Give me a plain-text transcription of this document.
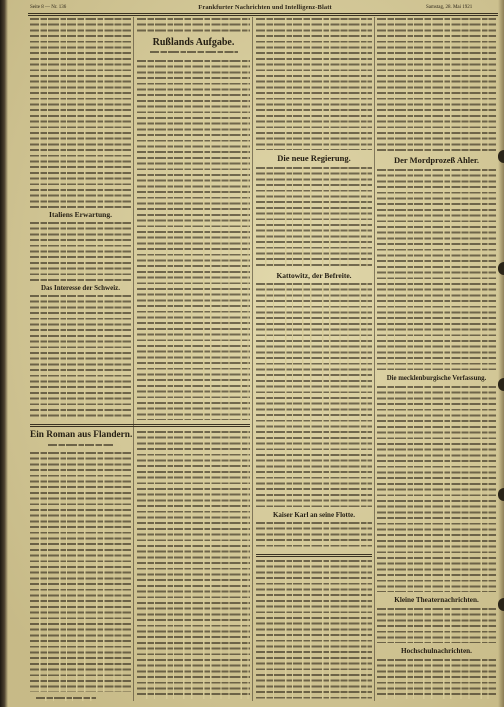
Seite 8 — Nr. 136	Frankfurter Nachrichten und Intelligenz-Blatt	Samstag, 28. Mai 1921
Italiens Erwartung.
Das Interesse der Schweiz.
Ein Roman aus Flandern.
Rußlands Aufgabe.
Die neue Regierung.
Kattowitz, der Befreite.
Kaiser Karl an seine Flotte.
Der Mordprozeß Ahler.
Die mecklenburgische Verfassung.
Kleine Theaternachrichten.
Hochschulnachrichten.
